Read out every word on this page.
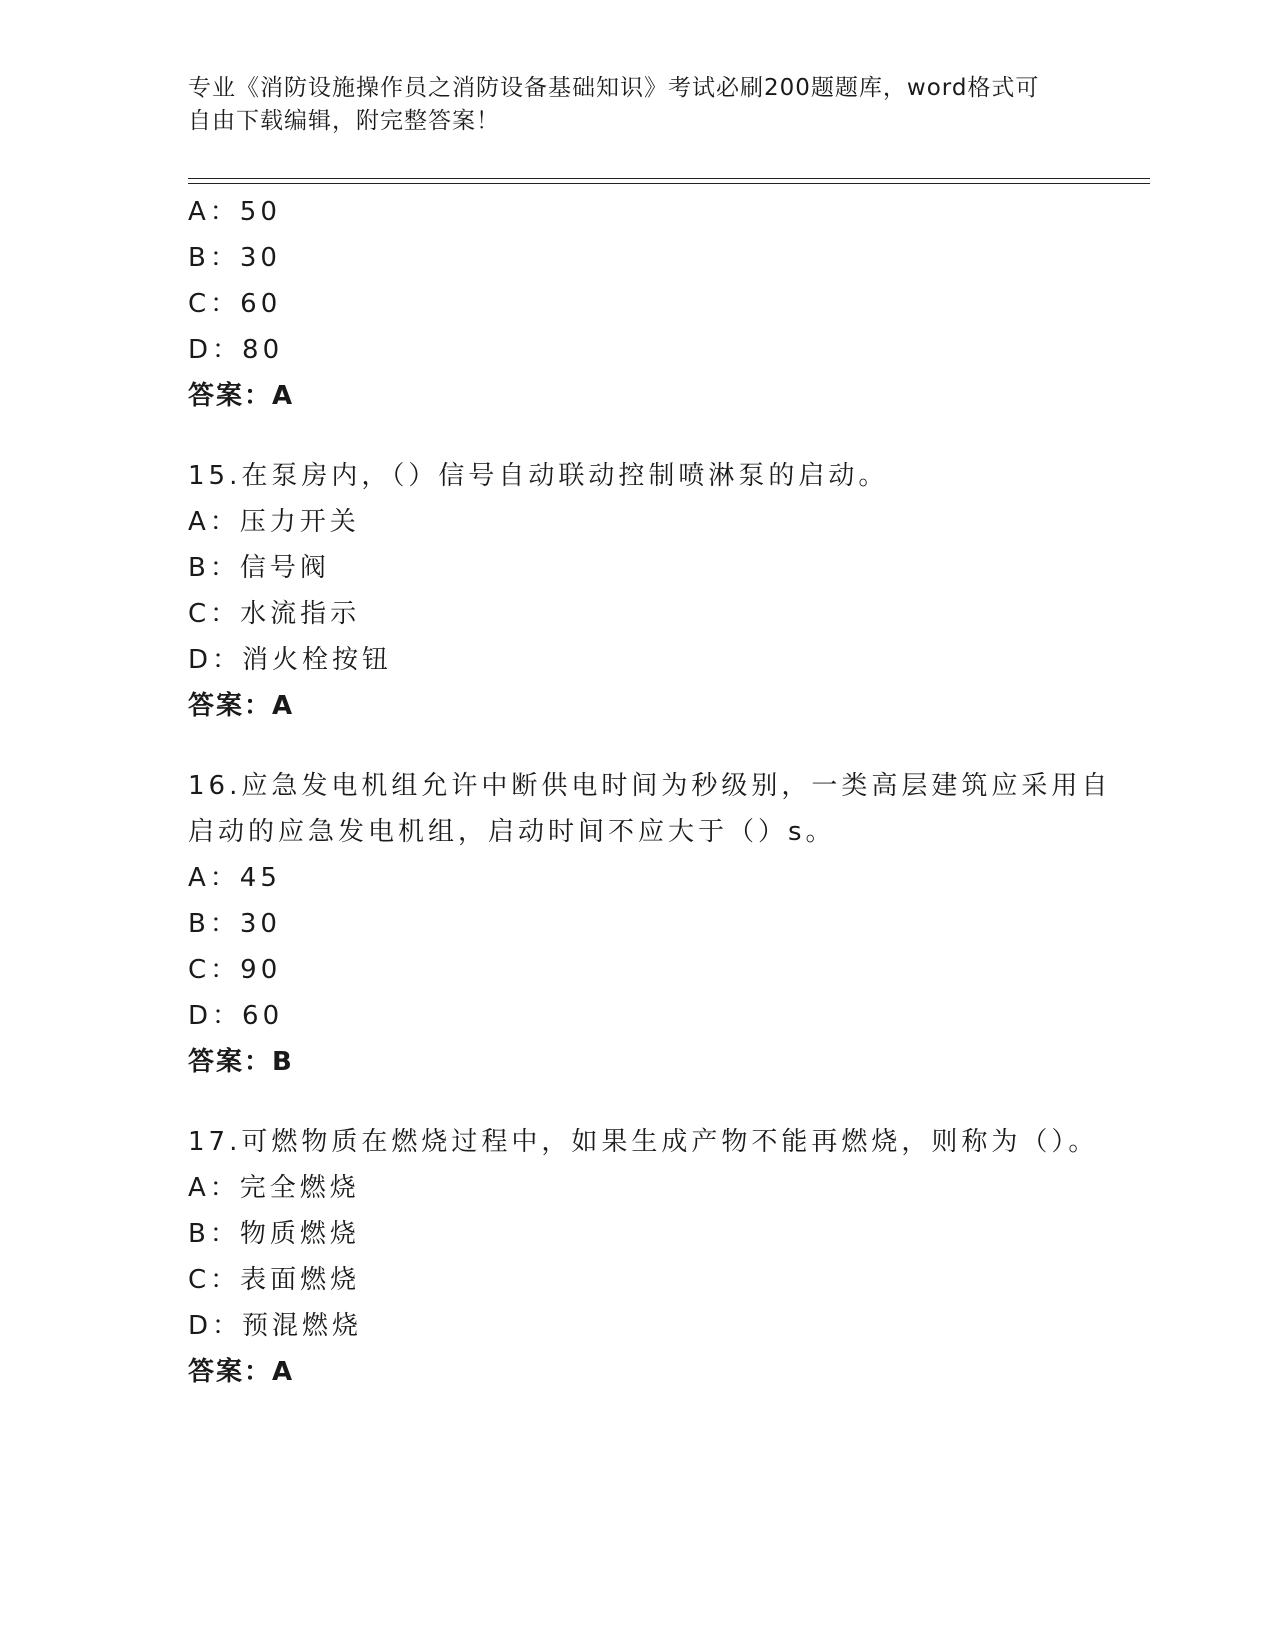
专业《消防设施操作员之消防设备基础知识》考试必刷200题题库，word格式可
自由下载编辑，附完整答案！
A：50
B：30
C：60
D：80
答案：A
15.在泵房内，（）信号自动联动控制喷淋泵的启动。
A：压力开关
B：信号阀
C：水流指示
D：消火栓按钮
答案：A
16.应急发电机组允许中断供电时间为秒级别，一类高层建筑应采用自
启动的应急发电机组，启动时间不应大于（）s。
A：45
B：30
C：90
D：60
答案：B
17.可燃物质在燃烧过程中，如果生成产物不能再燃烧，则称为（）。
A：完全燃烧
B：物质燃烧
C：表面燃烧
D：预混燃烧
答案：A
